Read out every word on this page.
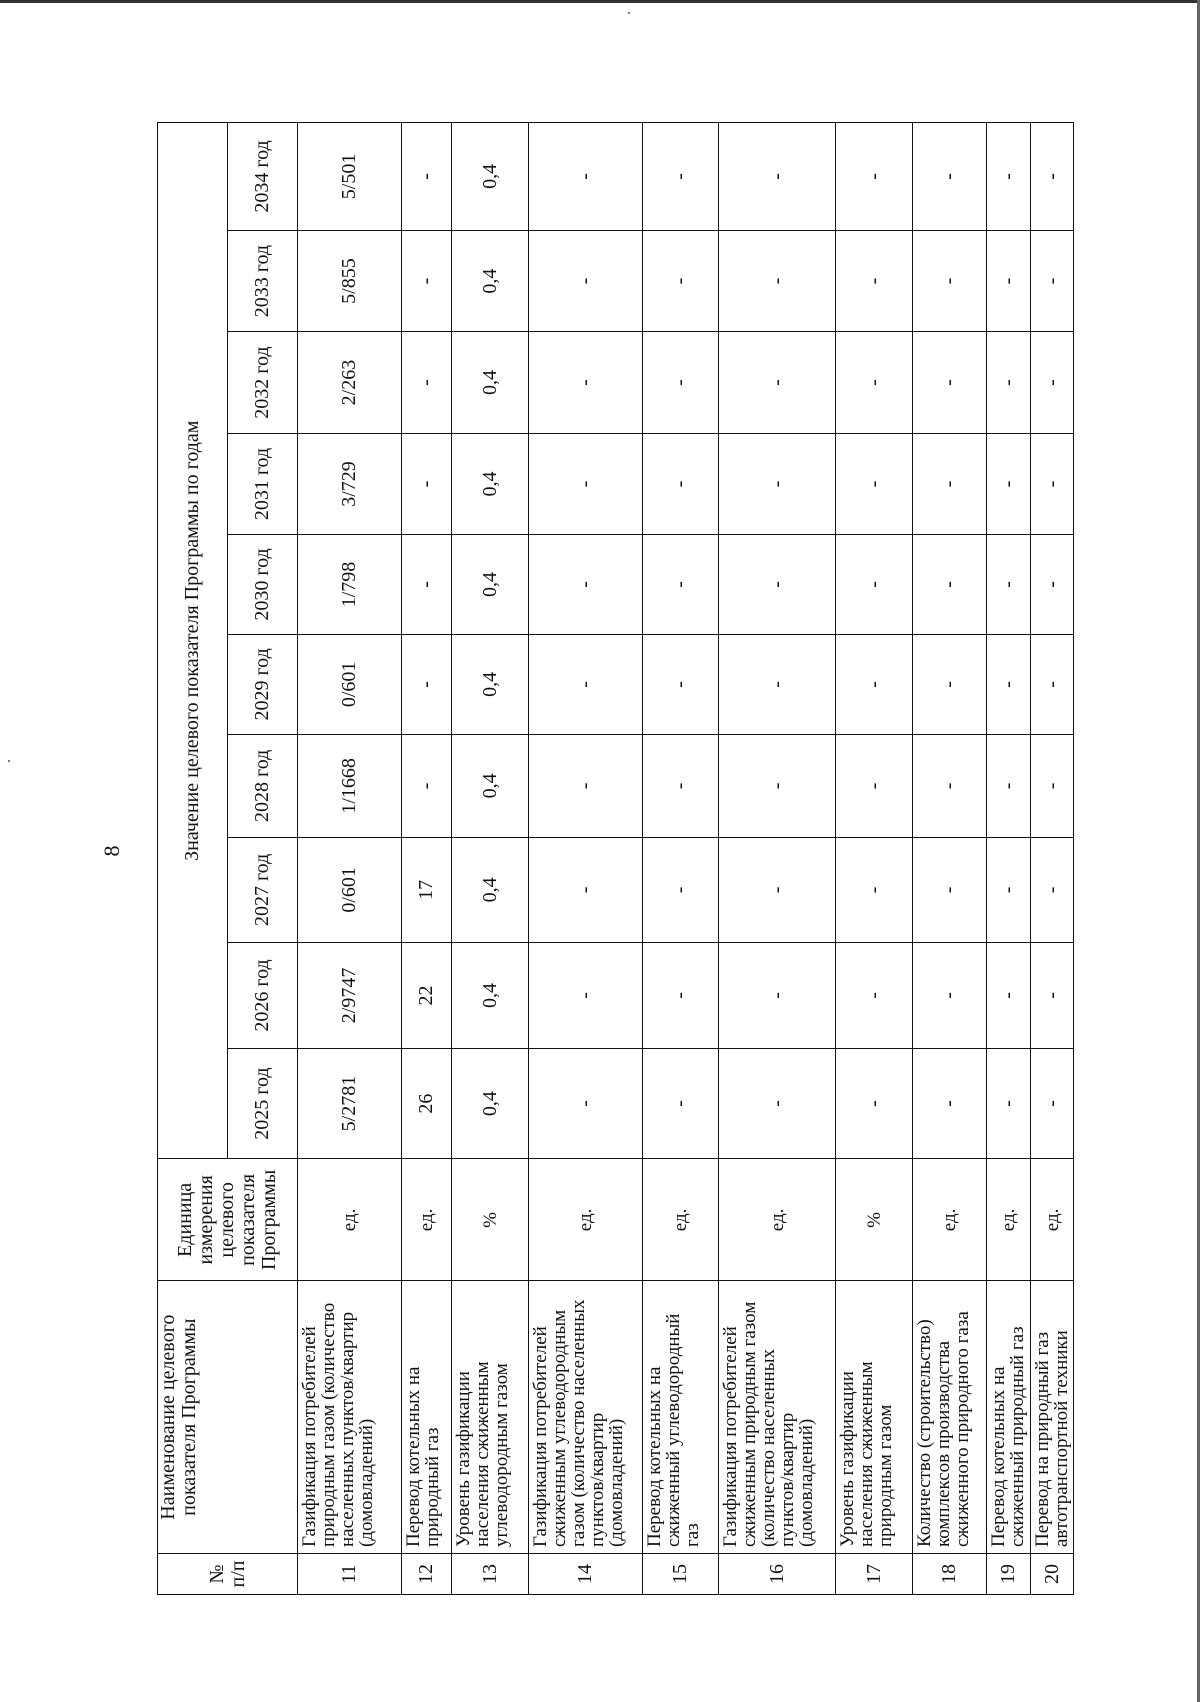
8
№ п/п	Наименование целевого показателя Программы	Единица измерения целевого показателя Программы	Значение целевого показателя Программы по годам									
			2025 год	2026 год	2027 год	2028 год	2029 год	2030 год	2031 год	2032 год	2033 год	2034 год
11	Газификация потребителей природным газом (количество населенных пунктов/квартир (домовладений)	ед.	5/2781	2/9747	0/601	1/1668	0/601	1/798	3/729	2/263	5/855	5/501
12	Перевод котельных на природный газ	ед.	26	22	17	-	-	-	-	-	-	-
13	Уровень газификации населения сжиженным углеводородным газом	%	0,4	0,4	0,4	0,4	0,4	0,4	0,4	0,4	0,4	0,4
14	Газификация потребителей сжиженным углеводородным газом (количество населенных пунктов/квартир (домовладений)	ед.	-	-	-	-	-	-	-	-	-	-
15	Перевод котельных на сжиженный углеводородный газ	ед.	-	-	-	-	-	-	-	-	-	-
16	Газификация потребителей сжиженным природным газом (количество населенных пунктов/квартир (домовладений)	ед.	-	-	-	-	-	-	-	-	-	-
17	Уровень газификации населения сжиженным природным газом	%	-	-	-	-	-	-	-	-	-	-
18	Количество (строительство) комплексов производства сжиженного природного газа	ед.	-	-	-	-	-	-	-	-	-	-
19	Перевод котельных на сжиженный природный газ	ед.	-	-	-	-	-	-	-	-	-	-
20	Перевод на природный газ автотранспортной техники	ед.	-	-	-	-	-	-	-	-	-	-
